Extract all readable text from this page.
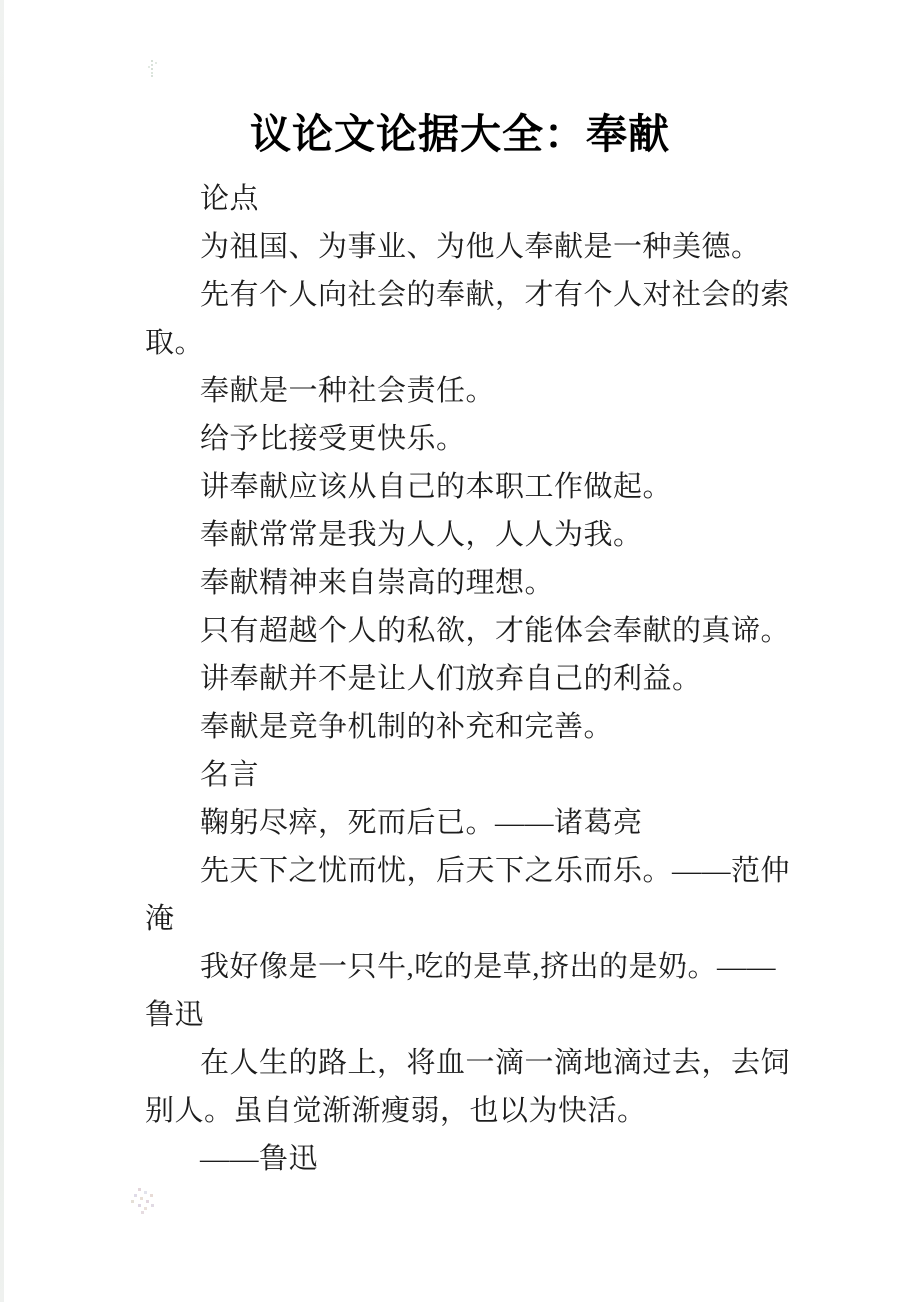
议论文论据大全：奉献
论点
为祖国、为事业、为他人奉献是一种美德。
先有个人向社会的奉献，才有个人对社会的索
取。
奉献是一种社会责任。
给予比接受更快乐。
讲奉献应该从自己的本职工作做起。
奉献常常是我为人人，人人为我。
奉献精神来自崇高的理想。
只有超越个人的私欲，才能体会奉献的真谛。
讲奉献并不是让人们放弃自己的利益。
奉献是竞争机制的补充和完善。
名言
鞠躬尽瘁，死而后已。——诸葛亮
先天下之忧而忧，后天下之乐而乐。——范仲
淹
我好像是一只牛,吃的是草,挤出的是奶。——
鲁迅
在人生的路上，将血一滴一滴地滴过去，去饲
别人。虽自觉渐渐瘦弱，也以为快活。
——鲁迅
